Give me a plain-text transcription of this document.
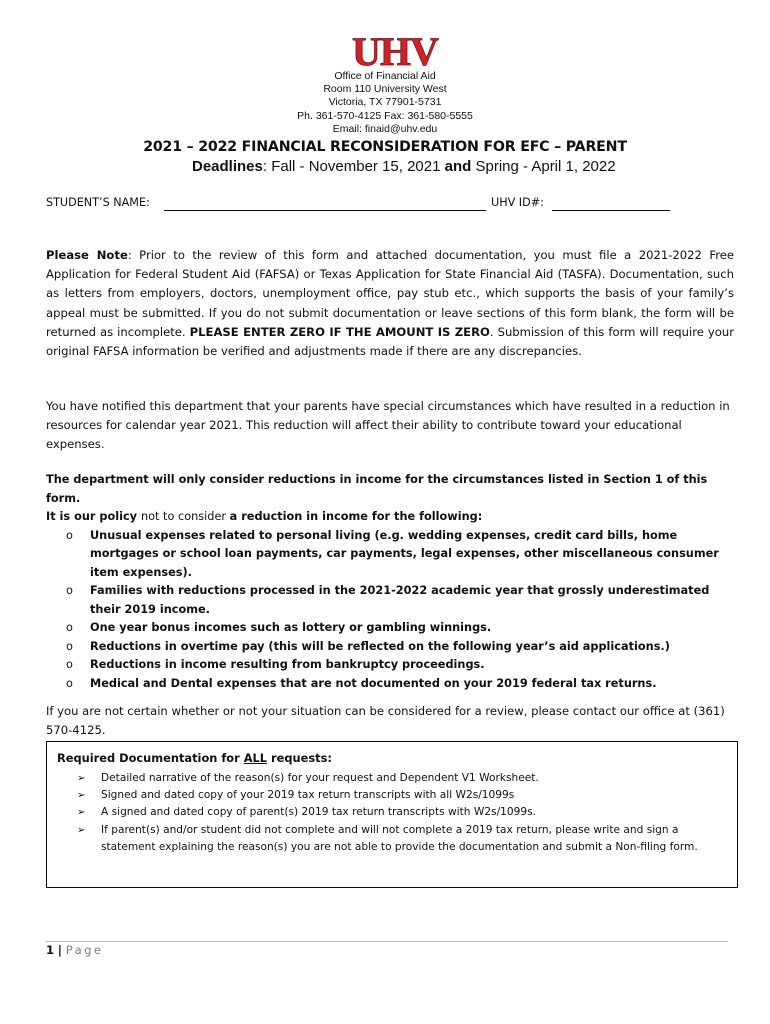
UHV
Office of Financial Aid
Room 110 University West
Victoria, TX 77901-5731
Ph. 361-570-4125 Fax: 361-580-5555
Email: finaid@uhv.edu
2021 – 2022 FINANCIAL RECONSIDERATION FOR EFC – PARENT
Deadlines: Fall - November 15, 2021 and Spring - April 1, 2022
STUDENT’S NAME:	UHV ID#:
Please Note: Prior to the review of this form and attached documentation, you must file a 2021-2022 Free Application for Federal Student Aid (FAFSA) or Texas Application for State Financial Aid (TASFA). Documentation, such as letters from employers, doctors, unemployment office, pay stub etc., which supports the basis of your family’s appeal must be submitted. If you do not submit documentation or leave sections of this form blank, the form will be returned as incomplete. PLEASE ENTER ZERO IF THE AMOUNT IS ZERO. Submission of this form will require your original FAFSA information be verified and adjustments made if there are any discrepancies.
You have notified this department that your parents have special circumstances which have resulted in a reduction in resources for calendar year 2021. This reduction will affect their ability to contribute toward your educational expenses.
The department will only consider reductions in income for the circumstances listed in Section 1 of this form.
It is our policy not to consider a reduction in income for the following:
o Unusual expenses related to personal living (e.g. wedding expenses, credit card bills, home mortgages or school loan payments, car payments, legal expenses, other miscellaneous consumer item expenses).
o Families with reductions processed in the 2021-2022 academic year that grossly underestimated their 2019 income.
o One year bonus incomes such as lottery or gambling winnings.
o Reductions in overtime pay (this will be reflected on the following year’s aid applications.)
o Reductions in income resulting from bankruptcy proceedings.
o Medical and Dental expenses that are not documented on your 2019 federal tax returns.
If you are not certain whether or not your situation can be considered for a review, please contact our office at (361) 570-4125.
Required Documentation for ALL requests:
➢ Detailed narrative of the reason(s) for your request and Dependent V1 Worksheet.
➢ Signed and dated copy of your 2019 tax return transcripts with all W2s/1099s
➢ A signed and dated copy of parent(s) 2019 tax return transcripts with W2s/1099s.
➢ If parent(s) and/or student did not complete and will not complete a 2019 tax return, please write and sign a statement explaining the reason(s) you are not able to provide the documentation and submit a Non-filing form.
1 | Page
